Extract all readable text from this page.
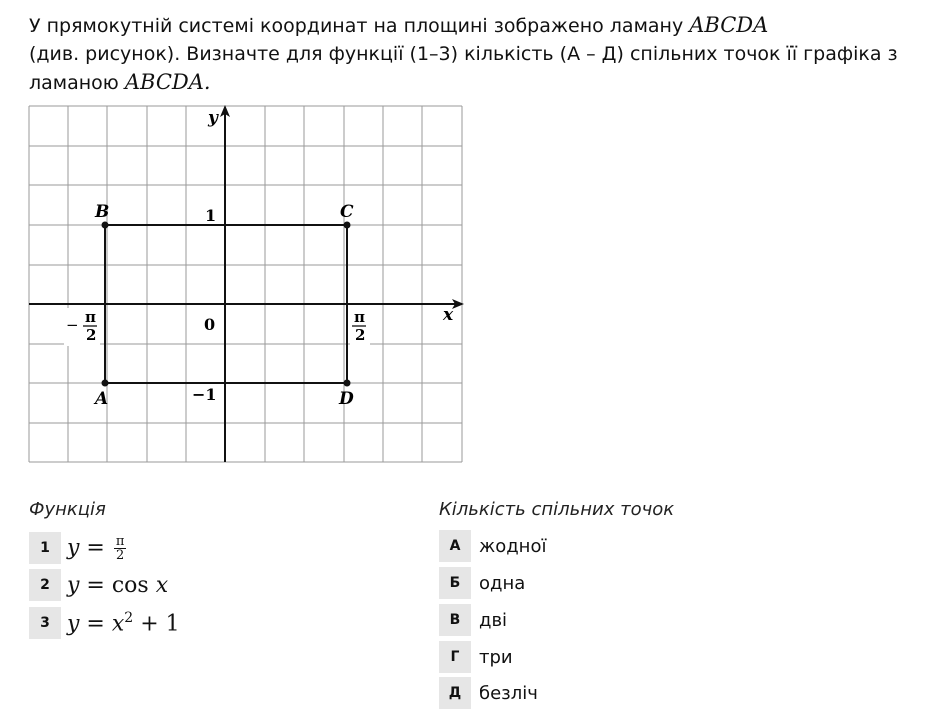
У прямокутній системі координат на площині зображено ламану ABCDA
(див. рисунок). Визначте для функції (1–3) кількість (А – Д) спільних точок її графіка з
ламаною ABCDA.
y
x
0
1
−1
B	C
A	D
− π
2
π
2
Функція	Кількість спільних точок
1 $y = \frac{\pi}{2}$
2 y = cos x
3 $y = x^2 + 1$
А	жодної
Б	одна
В	дві
Г	три
Д безліч
